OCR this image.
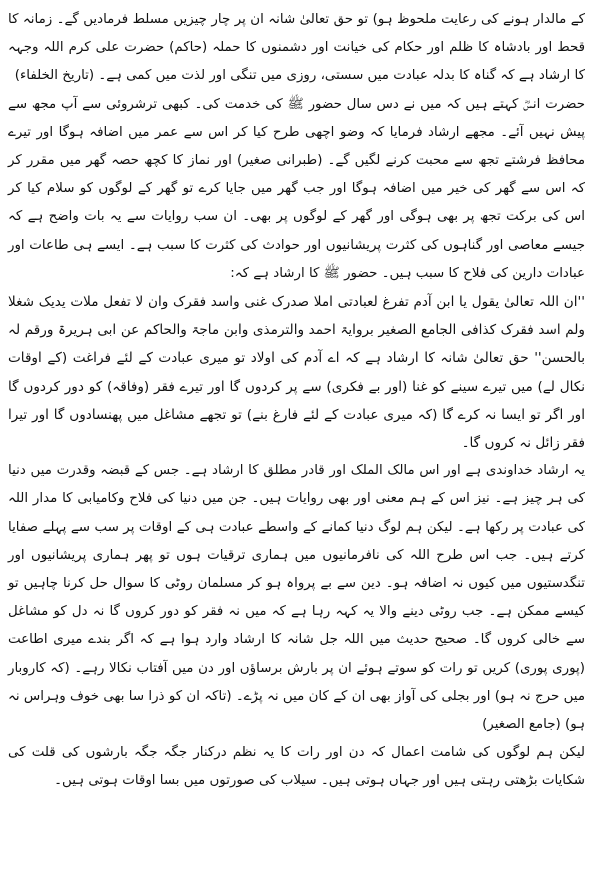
کے مالدار ہونے کی رعایت ملحوظ ہو) تو حق تعالیٰ شانہ ان پر چار چیزیں مسلط فرمادیں گے۔ زمانہ کا قحط اور بادشاہ کا ظلم اور حکام کی خیانت اور دشمنوں کا حملہ (حاکم) حضرت علی کرم اللہ وجہہ کا ارشاد ہے کہ گناہ کا بدلہ عبادت میں سستی، روزی میں تنگی اور لذت میں کمی ہے۔ (تاریخ الخلفاء)

حضرت انسؓ کہتے ہیں کہ میں نے دس سال حضور ﷺ کی خدمت کی۔ کبھی ترشروئی سے آپ مجھ سے پیش نہیں آئے۔ مجھے ارشاد فرمایا کہ وضو اچھی طرح کیا کر اس سے عمر میں اضافہ ہوگا اور تیرے محافظ فرشتے تجھ سے محبت کرنے لگیں گے۔ (طبرانی صغیر) اور نماز کا کچھ حصہ گھر میں مقرر کر کہ اس سے گھر کی خیر میں اضافہ ہوگا اور جب گھر میں جایا کرے تو گھر کے لوگوں کو سلام کیا کر اس کی برکت تجھ پر بھی ہوگی اور گھر کے لوگوں پر بھی۔ ان سب روایات سے یہ بات واضح ہے کہ جیسے معاصی اور گناہوں کی کثرت پریشانیوں اور حوادث کی کثرت کا سبب ہے۔ ایسے ہی طاعات اور عبادات دارین کی فلاح کا سبب ہیں۔ حضور ﷺ کا ارشاد ہے کہ:

''ان اللہ تعالیٰ یقول یا ابن آدم تفرغ لعبادتی املا صدرک غنی واسد فقرک وان لا تفعل ملات یدیک شغلا ولم اسد فقرک کذافی الجامع الصغیر بروایۃ احمد والترمذی وابن ماجۃ والحاکم عن ابی ہریرۃ ورقم لہ بالحسن'' حق تعالیٰ شانہ کا ارشاد ہے کہ اے آدم کی اولاد تو میری عبادت کے لئے فراغت (کے اوقات نکال لے) میں تیرے سینے کو غنا (اور بے فکری) سے پر کردوں گا اور تیرے فقر (وفاقہ) کو دور کردوں گا اور اگر تو ایسا نہ کرے گا (کہ میری عبادت کے لئے فارغ بنے) تو تجھے مشاغل میں پھنسادوں گا اور تیرا فقر زائل نہ کروں گا۔

یہ ارشاد خداوندی ہے اور اس مالک الملک اور قادر مطلق کا ارشاد ہے۔ جس کے قبضہ وقدرت میں دنیا کی ہر چیز ہے۔ نیز اس کے ہم معنی اور بھی روایات ہیں۔ جن میں دنیا کی فلاح وکامیابی کا مدار اللہ کی عبادت پر رکھا ہے۔ لیکن ہم لوگ دنیا کمانے کے واسطے عبادت ہی کے اوقات پر سب سے پہلے صفایا کرتے ہیں۔ جب اس طرح اللہ کی نافرمانیوں میں ہماری ترقیات ہوں تو پھر ہماری پریشانیوں اور تنگدستیوں میں کیوں نہ اضافہ ہو۔ دین سے بے پرواہ ہو کر مسلمان روٹی کا سوال حل کرنا چاہیں تو کیسے ممکن ہے۔ جب روٹی دینے والا یہ کہہ رہا ہے کہ میں نہ فقر کو دور کروں گا نہ دل کو مشاغل سے خالی کروں گا۔ صحیح حدیث میں اللہ جل شانہ کا ارشاد وارد ہوا ہے کہ اگر بندے میری اطاعت (پوری پوری) کریں تو رات کو سوتے ہوئے ان پر بارش برساؤں اور دن میں آفتاب نکالا رہے۔ (کہ کاروبار میں حرج نہ ہو) اور بجلی کی آواز بھی ان کے کان میں نہ پڑے۔ (تاکہ ان کو ذرا سا بھی خوف وہراس نہ ہو) (جامع الصغیر)

لیکن ہم لوگوں کی شامت اعمال کہ دن اور رات کا یہ نظم درکنار جگہ جگہ بارشوں کی قلت کی شکایات بڑھتی رہتی ہیں اور جہاں ہوتی ہیں۔ سیلاب کی صورتوں میں بسا اوقات ہوتی ہیں۔
